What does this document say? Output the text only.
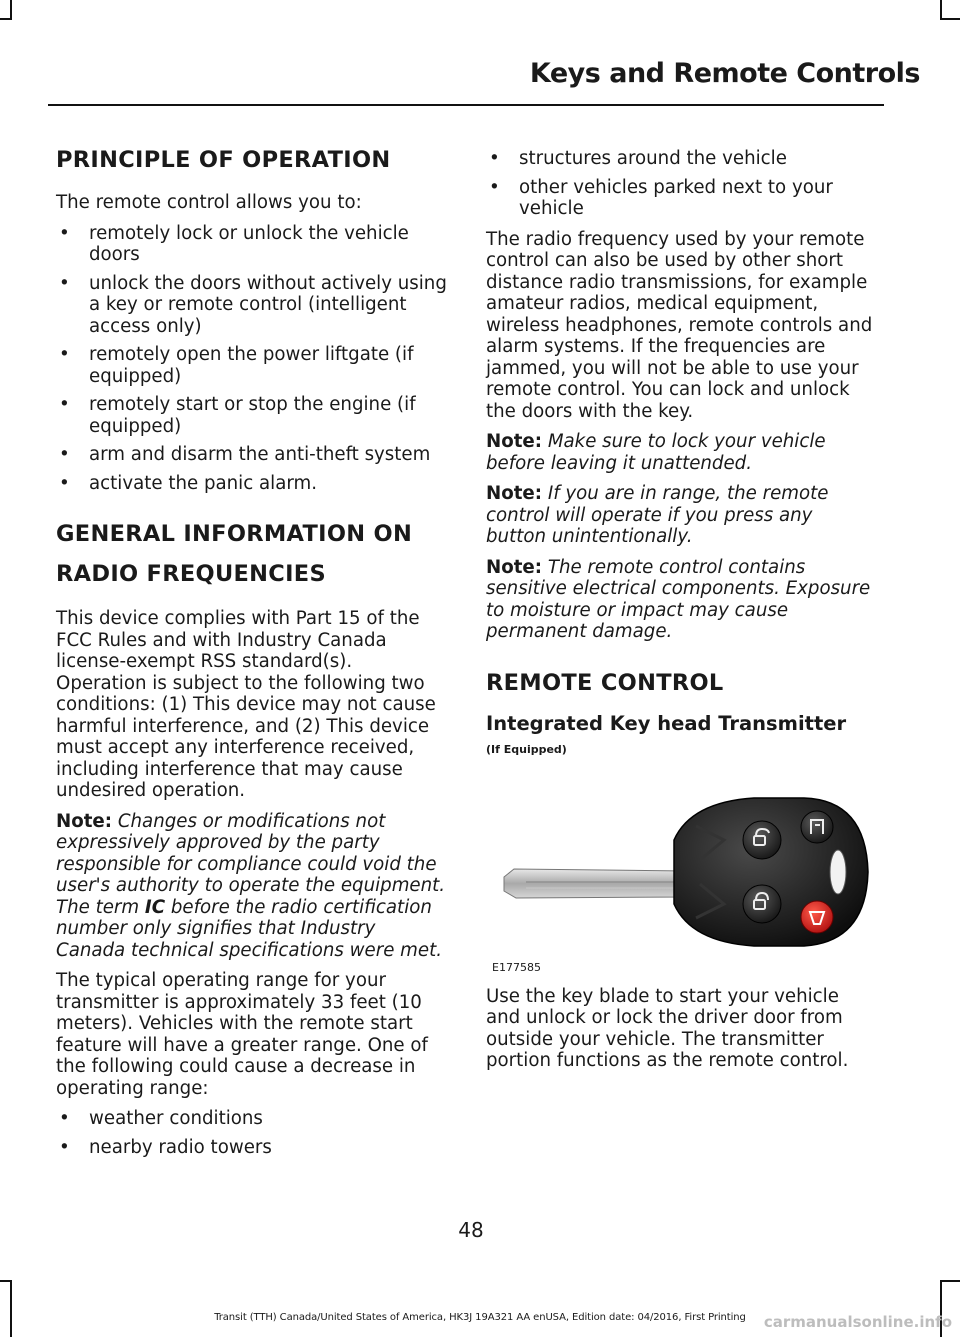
Keys and Remote Controls
PRINCIPLE OF OPERATION

The remote control allows you to:

• remotely lock or unlock the vehicle doors
• unlock the doors without actively using a key or remote control (intelligent access only)
• remotely open the power liftgate (if equipped)
• remotely start or stop the engine (if equipped)
• arm and disarm the anti-theft system
• activate the panic alarm.
GENERAL INFORMATION ON
RADIO FREQUENCIES

This device complies with Part 15 of the FCC Rules and with Industry Canada license-exempt RSS standard(s). Operation is subject to the following two conditions: (1) This device may not cause harmful interference, and (2) This device must accept any interference received, including interference that may cause undesired operation.

Note: Changes or modifications not expressively approved by the party responsible for compliance could void the user's authority to operate the equipment. The term IC before the radio certification number only signifies that Industry Canada technical specifications were met.

The typical operating range for your transmitter is approximately 33 feet (10 meters). Vehicles with the remote start feature will have a greater range. One of the following could cause a decrease in operating range:

• weather conditions
• nearby radio towers
• structures around the vehicle
• other vehicles parked next to your vehicle

The radio frequency used by your remote control can also be used by other short distance radio transmissions, for example amateur radios, medical equipment, wireless headphones, remote controls and alarm systems. If the frequencies are jammed, you will not be able to use your remote control. You can lock and unlock the doors with the key.

Note: Make sure to lock your vehicle before leaving it unattended.

Note: If you are in range, the remote control will operate if you press any button unintentionally.

Note: The remote control contains sensitive electrical components. Exposure to moisture or impact may cause permanent damage.

REMOTE CONTROL
Integrated Key head Transmitter
(If Equipped)
E177585

Use the key blade to start your vehicle and unlock or lock the driver door from outside your vehicle. The transmitter portion functions as the remote control.

48
Transit (TTH) Canada/United States of America, HK3J 19A321 AA enUSA, Edition date: 04/2016, First Printing	carmanualsonline.info
